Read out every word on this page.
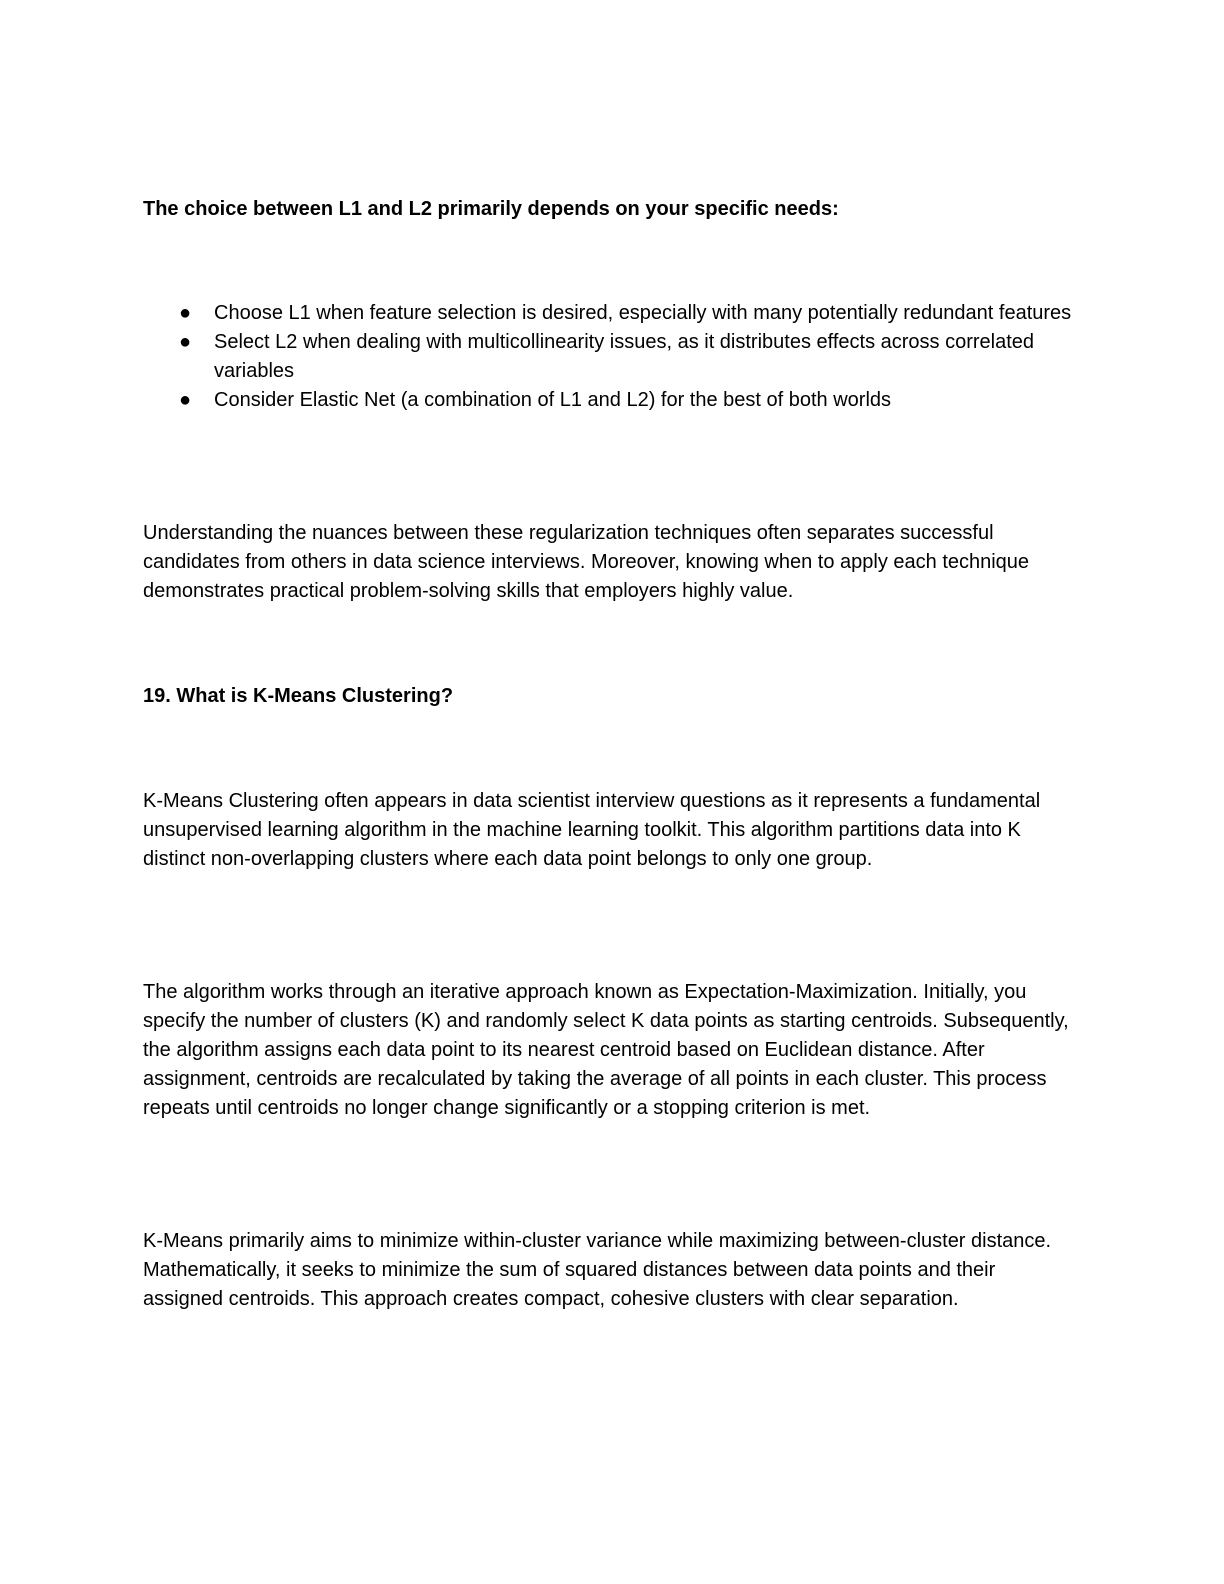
The choice between L1 and L2 primarily depends on your specific needs:

● Choose L1 when feature selection is desired, especially with many potentially redundant features
● Select L2 when dealing with multicollinearity issues, as it distributes effects across correlated variables
● Consider Elastic Net (a combination of L1 and L2) for the best of both worlds

Understanding the nuances between these regularization techniques often separates successful candidates from others in data science interviews. Moreover, knowing when to apply each technique demonstrates practical problem-solving skills that employers highly value.

19. What is K-Means Clustering?

K-Means Clustering often appears in data scientist interview questions as it represents a fundamental unsupervised learning algorithm in the machine learning toolkit. This algorithm partitions data into K distinct non-overlapping clusters where each data point belongs to only one group.

The algorithm works through an iterative approach known as Expectation-Maximization. Initially, you specify the number of clusters (K) and randomly select K data points as starting centroids. Subsequently, the algorithm assigns each data point to its nearest centroid based on Euclidean distance. After assignment, centroids are recalculated by taking the average of all points in each cluster. This process repeats until centroids no longer change significantly or a stopping criterion is met.

K-Means primarily aims to minimize within-cluster variance while maximizing between-cluster distance. Mathematically, it seeks to minimize the sum of squared distances between data points and their assigned centroids. This approach creates compact, cohesive clusters with clear separation.
